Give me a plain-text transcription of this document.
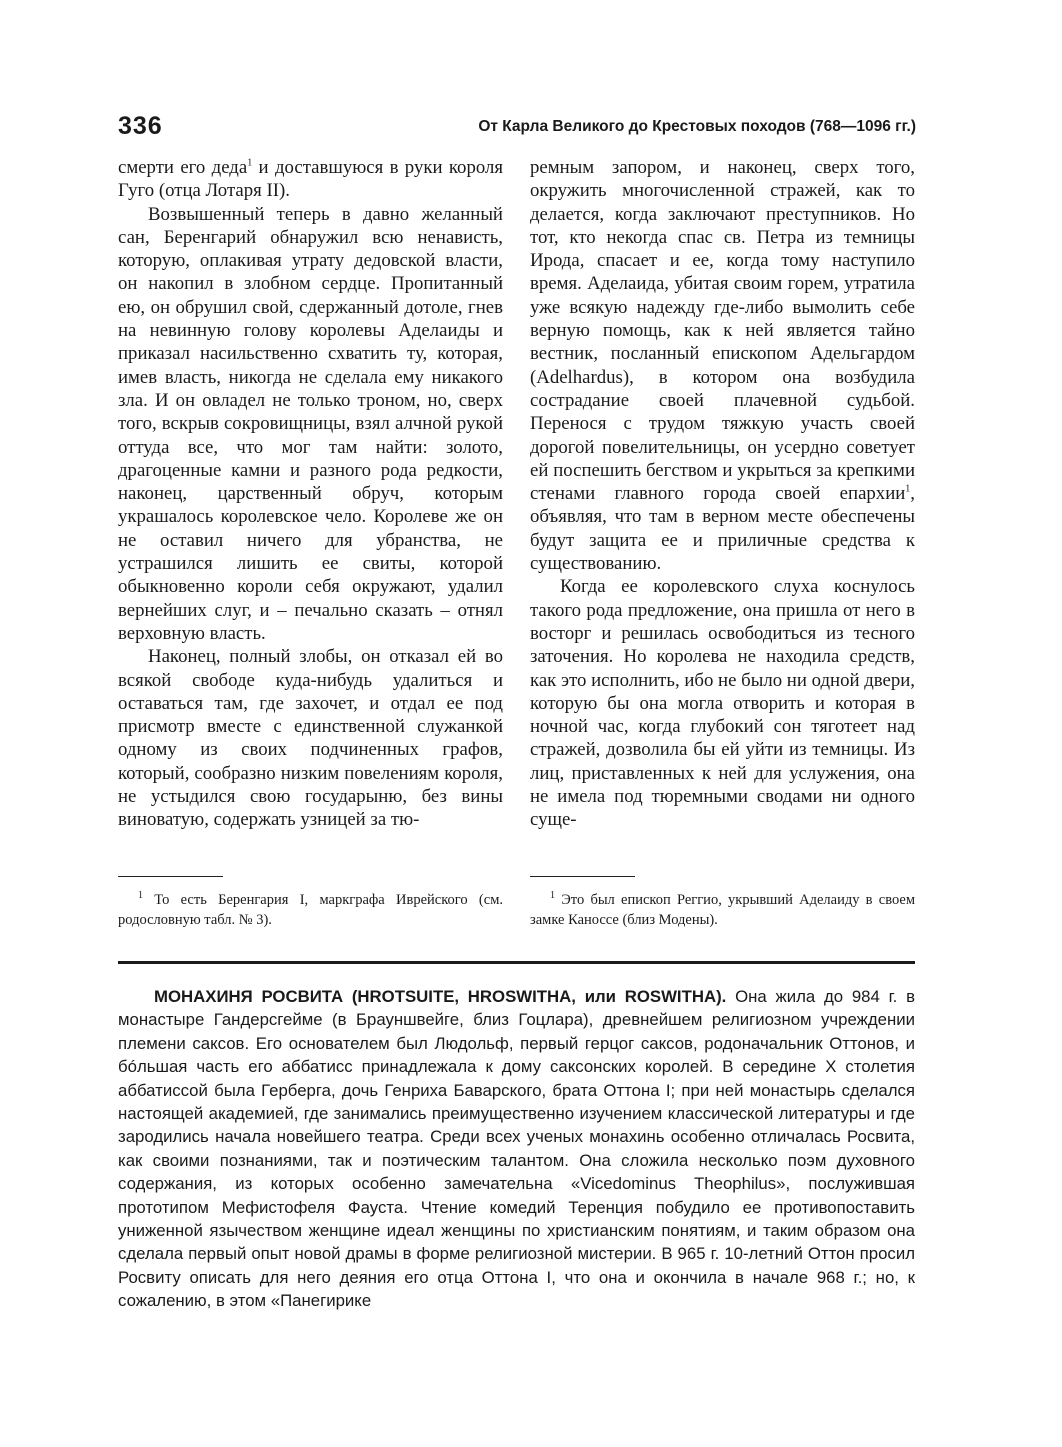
336	От Карла Великого до Крестовых походов (768—1096 гг.)

смерти его деда$^1$ и доставшуюся в руки короля Гуго (отца Лотаря II).

Возвышенный теперь в давно желанный сан, Беренгарий обнаружил всю ненависть, которую, оплакивая утрату дедовской власти, он накопил в злобном сердце. Пропитанный ею, он обрушил свой, сдержанный дотоле, гнев на невинную голову королевы Аделаиды и приказал насильственно схватить ту, которая, имев власть, никогда не сделала ему никакого зла. И он овладел не только троном, но, сверх того, вскрыв сокровищницы, взял алчной рукой оттуда все, что мог там найти: золото, драгоценные камни и разного рода редкости, наконец, царственный обруч, которым украшалось королевское чело. Королеве же он не оставил ничего для убранства, не устрашился лишить ее свиты, которой обыкновенно короли себя окружают, удалил вернейших слуг, и – печально сказать – отнял верховную власть.

Наконец, полный злобы, он отказал ей во всякой свободе куда-нибудь удалиться и оставаться там, где захочет, и отдал ее под присмотр вместе с единственной служанкой одному из своих подчиненных графов, который, сообразно низким повелениям короля, не устыдился свою государыню, без вины виноватую, содержать узницей за тю-

ремным запором, и наконец, сверх того, окружить многочисленной стражей, как то делается, когда заключают преступников. Но тот, кто некогда спас св. Петра из темницы Ирода, спасает и ее, когда тому наступило время. Аделаида, убитая своим горем, утратила уже всякую надежду где-либо вымолить себе верную помощь, как к ней является тайно вестник, посланный епископом Адельгардом (Adelhardus), в котором она возбудила сострадание своей плачевной судьбой. Перенося с трудом тяжкую участь своей дорогой повелительницы, он усердно советует ей поспешить бегством и укрыться за крепкими стенами главного города своей епархии$^1$, объявляя, что там в верном месте обеспечены будут защита ее и приличные средства к существованию.

Когда ее королевского слуха коснулось такого рода предложение, она пришла от него в восторг и решилась освободиться из тесного заточения. Но королева не находила средств, как это исполнить, ибо не было ни одной двери, которую бы она могла отворить и которая в ночной час, когда глубокий сон тяготеет над стражей, дозволила бы ей уйти из темницы. Из лиц, приставленных к ней для услужения, она не имела под тюремными сводами ни одного суще-

$^1$ То есть Беренгария I, маркграфа Иврейского (см. родословную табл. № 3).

$^1$ Это был епископ Реггио, укрывший Аделаиду в своем замке Каноссе (близ Модены).

МОНАХИНЯ РОСВИТА (HROTSUITE, HROSWITHA, или ROSWITHA). Она жила до 984 г. в монастыре Гандерсгейме (в Брауншвейге, близ Гоцлара), древнейшем религиозном учреждении племени саксов. Его основателем был Людольф, первый герцог саксов, родоначальник Оттонов, и бóльшая часть его аббатисс принадлежала к дому саксонских королей. В середине X столетия аббатиссой была Герберга, дочь Генриха Баварского, брата Оттона I; при ней монастырь сделался настоящей академией, где занимались преимущественно изучением классической литературы и где зародились начала новейшего театра. Среди всех ученых монахинь особенно отличалась Росвита, как своими познаниями, так и поэтическим талантом. Она сложила несколько поэм духовного содержания, из которых особенно замечательна «Vicedominus Theophilus», послужившая прототипом Мефистофеля Фауста. Чтение комедий Теренция побудило ее противопоставить униженной язычеством женщине идеал женщины по христианским понятиям, и таким образом она сделала первый опыт новой драмы в форме религиозной мистерии. В 965 г. 10-летний Оттон просил Росвиту описать для него деяния его отца Оттона I, что она и окончила в начале 968 г.; но, к сожалению, в этом «Панегирике
